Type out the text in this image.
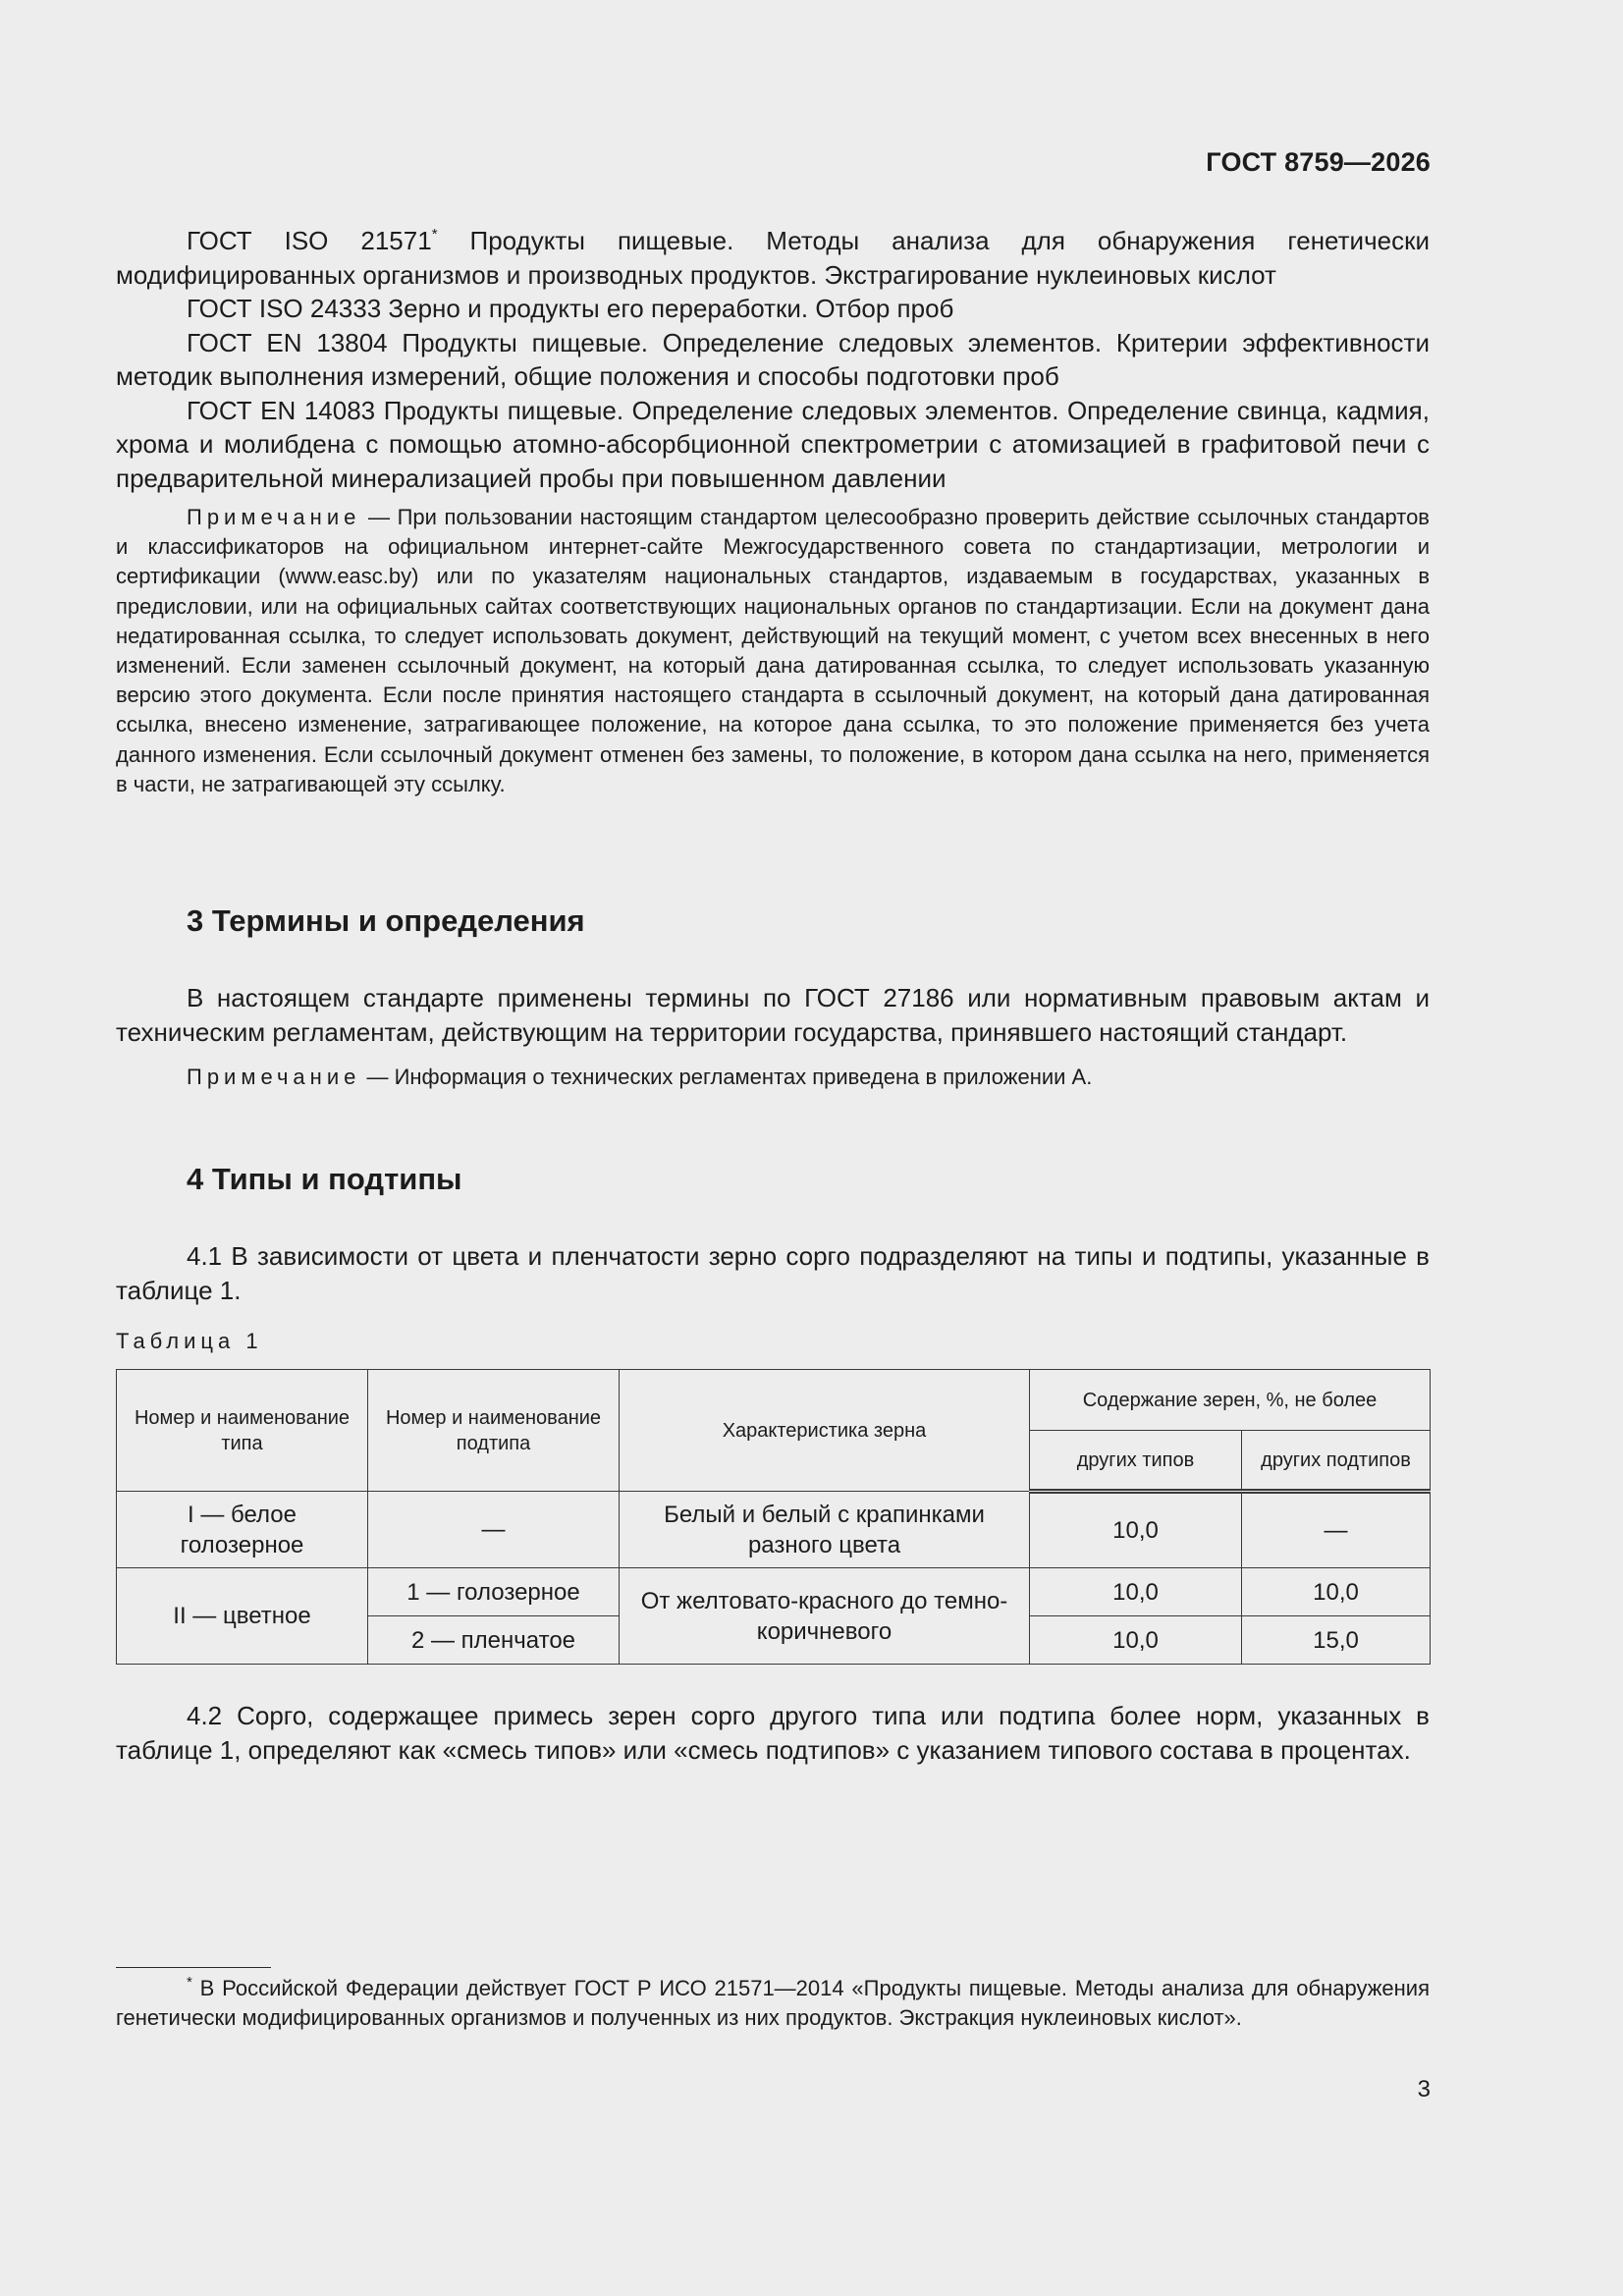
ГОСТ 8759—2026

ГОСТ ISO 21571* Продукты пищевые. Методы анализа для обнаружения генетически модифицированных организмов и производных продуктов. Экстрагирование нуклеиновых кислот

ГОСТ ISO 24333 Зерно и продукты его переработки. Отбор проб

ГОСТ EN 13804 Продукты пищевые. Определение следовых элементов. Критерии эффективности методик выполнения измерений, общие положения и способы подготовки проб

ГОСТ EN 14083 Продукты пищевые. Определение следовых элементов. Определение свинца, кадмия, хрома и молибдена с помощью атомно-абсорбционной спектрометрии с атомизацией в графитовой печи с предварительной минерализацией пробы при повышенном давлении

Примечание — При пользовании настоящим стандартом целесообразно проверить действие ссылочных стандартов и классификаторов на официальном интернет-сайте Межгосударственного совета по стандартизации, метрологии и сертификации (www.easc.by) или по указателям национальных стандартов, издаваемым в государствах, указанных в предисловии, или на официальных сайтах соответствующих национальных органов по стандартизации. Если на документ дана недатированная ссылка, то следует использовать документ, действующий на текущий момент, с учетом всех внесенных в него изменений. Если заменен ссылочный документ, на который дана датированная ссылка, то следует использовать указанную версию этого документа. Если после принятия настоящего стандарта в ссылочный документ, на который дана датированная ссылка, внесено изменение, затрагивающее положение, на которое дана ссылка, то это положение применяется без учета данного изменения. Если ссылочный документ отменен без замены, то положение, в котором дана ссылка на него, применяется в части, не затрагивающей эту ссылку.

3 Термины и определения

В настоящем стандарте применены термины по ГОСТ 27186 или нормативным правовым актам и техническим регламентам, действующим на территории государства, принявшего настоящий стандарт.

Примечание — Информация о технических регламентах приведена в приложении А.

4 Типы и подтипы

4.1 В зависимости от цвета и пленчатости зерно сорго подразделяют на типы и подтипы, указанные в таблице 1.

Таблица 1
Номер и наименование типа	Номер и наименование подтипа	Характеристика зерна	Содержание зерен, %, не более	
			других типов	других подтипов
I — белое голозерное	—	Белый и белый с крапинками разного цвета	10,0	—
II — цветное	1 — голозерное	От желтовато-красного до темно-коричневого	10,0	10,0
	2 — пленчатое		10,0	15,0

4.2 Сорго, содержащее примесь зерен сорго другого типа или подтипа более норм, указанных в таблице 1, определяют как «смесь типов» или «смесь подтипов» с указанием типового состава в процентах.

* В Российской Федерации действует ГОСТ Р ИСО 21571—2014 «Продукты пищевые. Методы анализа для обнаружения генетически модифицированных организмов и полученных из них продуктов. Экстракция нуклеиновых кислот».

3
